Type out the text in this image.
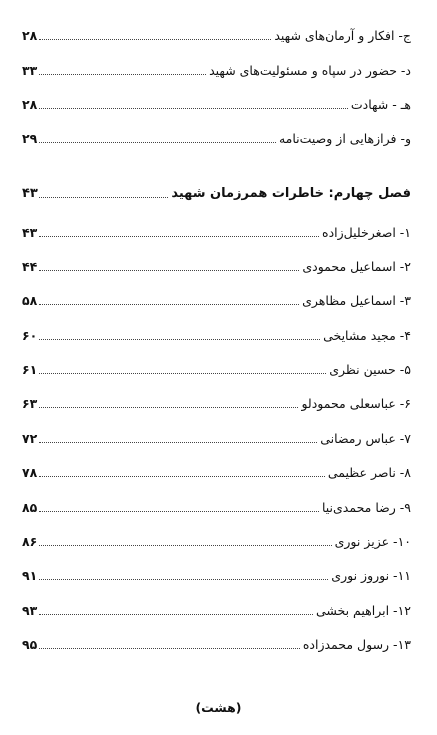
ج- افکار و آرمان‌های شهید
۲۸
د- حضور در سپاه و مسئولیت‌های شهید
۳۳
هـ - شهادت
۲۸
و- فرازهایی از وصیت‌نامه
۲۹
فصل چهارم: خاطرات همرزمان شهید
۴۳
۱- اصغرخلیل‌زاده
۴۳
۲- اسماعیل محمودی
۴۴
۳- اسماعیل مظاهری
۵۸
۴- مجید مشایخی
۶۰
۵- حسین نظری
۶۱
۶- عباسعلی محمودلو
۶۳
۷- عباس رمضانی
۷۲
۸- ناصر عظیمی
۷۸
۹- رضا محمدی‌نیا
۸۵
۱۰- عزیز نوری
۸۶
۱۱- نوروز نوری
۹۱
۱۲- ابراهیم بخشی
۹۳
۱۳- رسول محمدزاده
۹۵
(هشت)
